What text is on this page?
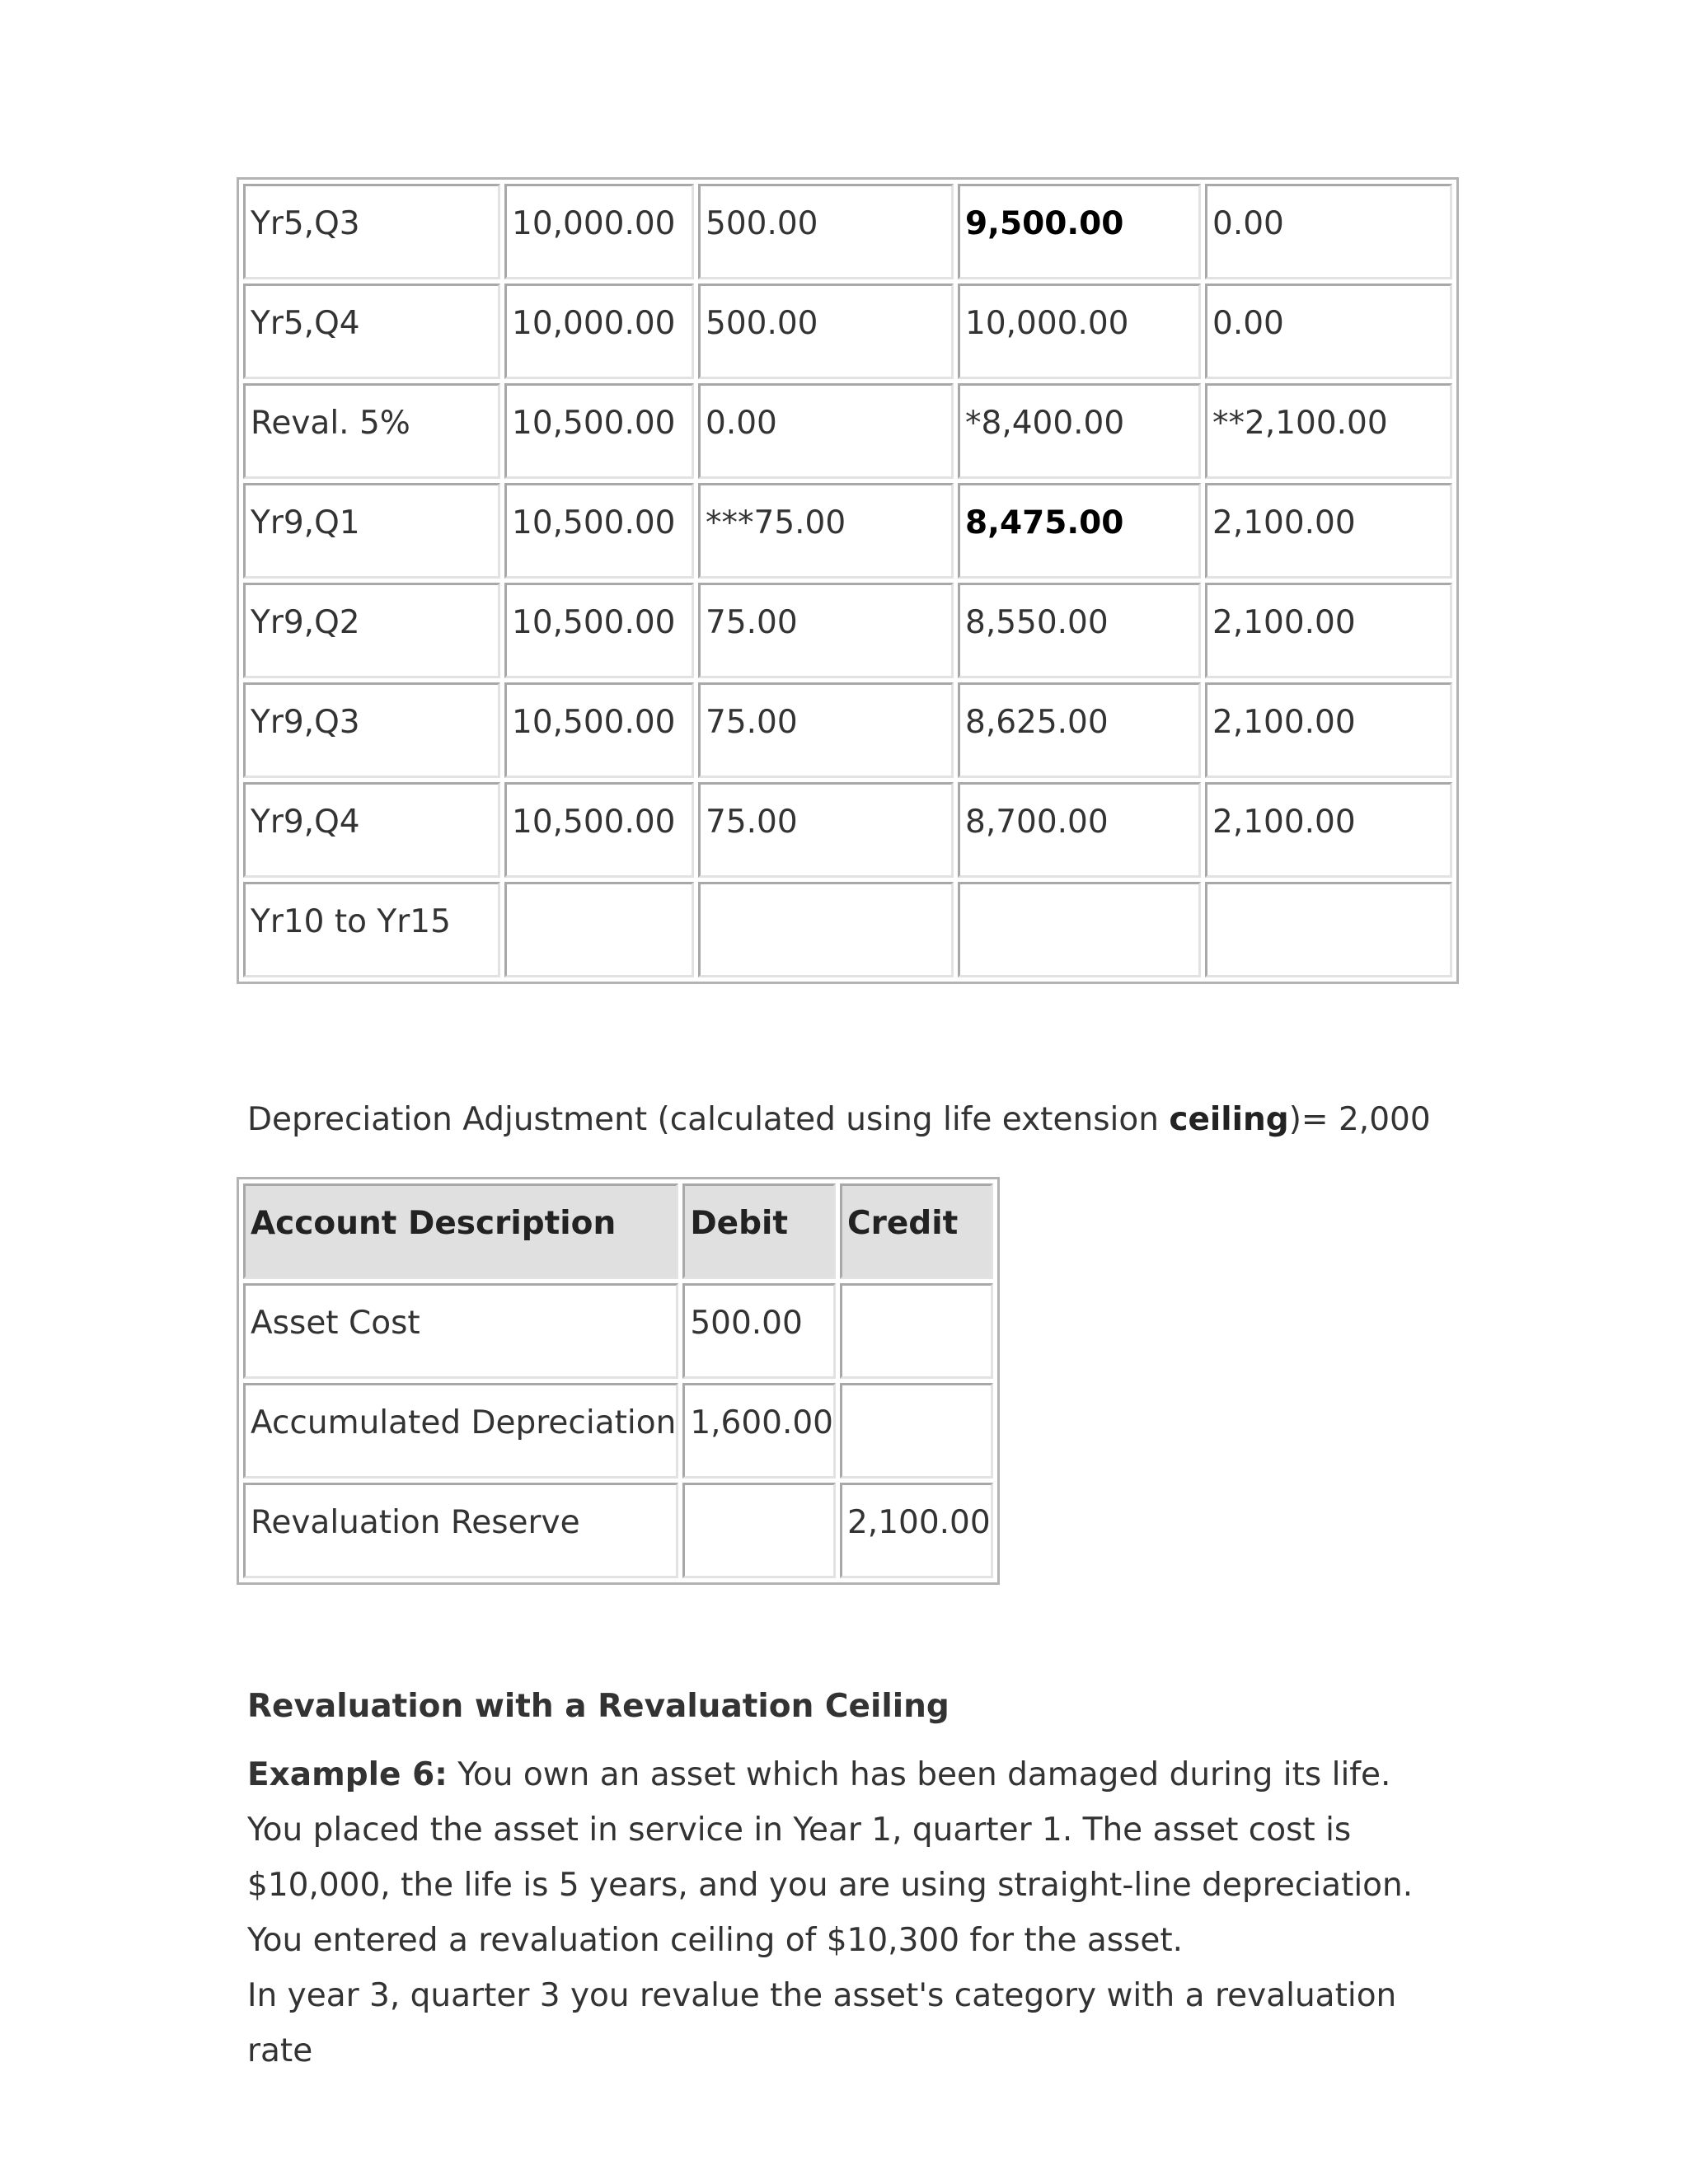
Yr5,Q3	10,000.00	500.00	9,500.00	0.00

Yr5,Q4	10,000.00	500.00	10,000.00	0.00

Reval. 5%	10,500.00	0.00	*8,400.00	**2,100.00

Yr9,Q1	10,500.00	***75.00	8,475.00	2,100.00

Yr9,Q2	10,500.00	75.00	8,550.00	2,100.00

Yr9,Q3	10,500.00	75.00	8,625.00	2,100.00

Yr9,Q4	10,500.00	75.00	8,700.00	2,100.00

Yr10 to Yr15				

Depreciation Adjustment (calculated using life extension ceiling)= 2,000
Account Description	Debit	Credit

Asset Cost	500.00	

Accumulated Depreciation	1,600.00	

Revaluation Reserve		2,100.00
Revaluation with a Revaluation Ceiling
Example 6: You own an asset which has been damaged during its life. You placed the asset in service in Year 1, quarter 1. The asset cost is $10,000, the life is 5 years, and you are using straight-line depreciation. You entered a revaluation ceiling of $10,300 for the asset.
In year 3, quarter 3 you revalue the asset's category with a revaluation rate
